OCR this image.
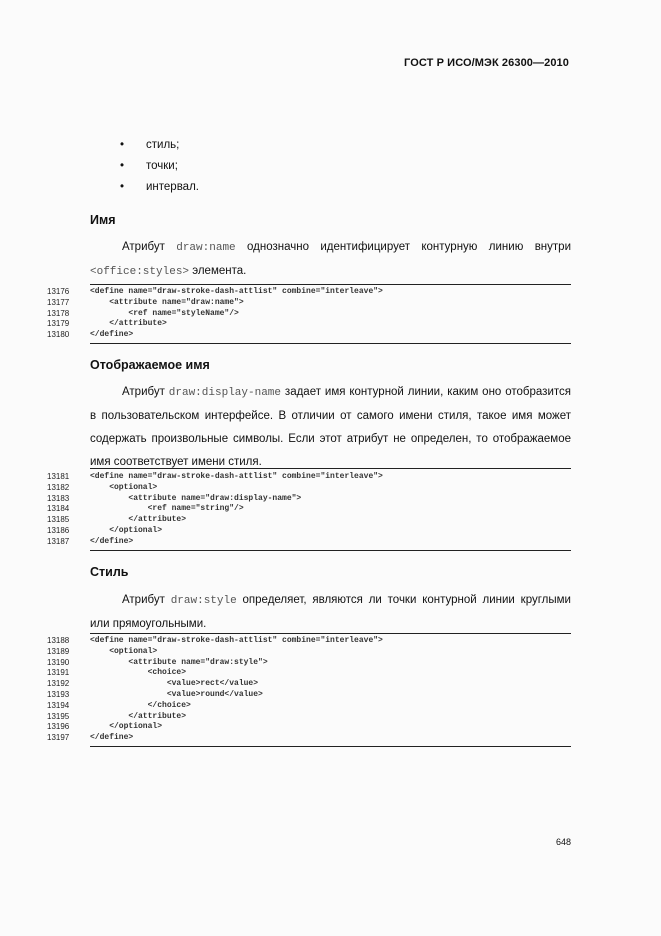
ГОСТ Р ИСО/МЭК 26300—2010
• стиль;
• точки;
• интервал.
Имя
Атрибут draw:name однозначно идентифицирует контурную линию внутри <office:styles> элемента.
13176	<define name="draw-stroke-dash-attlist" combine="interleave">
13177	<attribute name="draw:name">
13178	<ref name="styleName"/>
13179	</attribute>
13180	</define>
Отображаемое имя
Атрибут draw:display-name задает имя контурной линии, каким оно отобразится в пользовательском интерфейсе. В отличии от самого имени стиля, такое имя может содержать произвольные символы. Если этот атрибут не определен, то отображаемое имя соответствует имени стиля.
13181	<define name="draw-stroke-dash-attlist" combine="interleave">
13182	<optional>
13183	<attribute name="draw:display-name">
13184	<ref name="string"/>
13185	</attribute>
13186	</optional>
13187	</define>
Стиль
Атрибут draw:style определяет, являются ли точки контурной линии круглыми или прямоугольными.
13188	<define name="draw-stroke-dash-attlist" combine="interleave">
13189	<optional>
13190	<attribute name="draw:style">
13191	<choice>
13192	<value>rect</value>
13193	<value>round</value>
13194	</choice>
13195	</attribute>
13196	</optional>
13197	</define>
648
